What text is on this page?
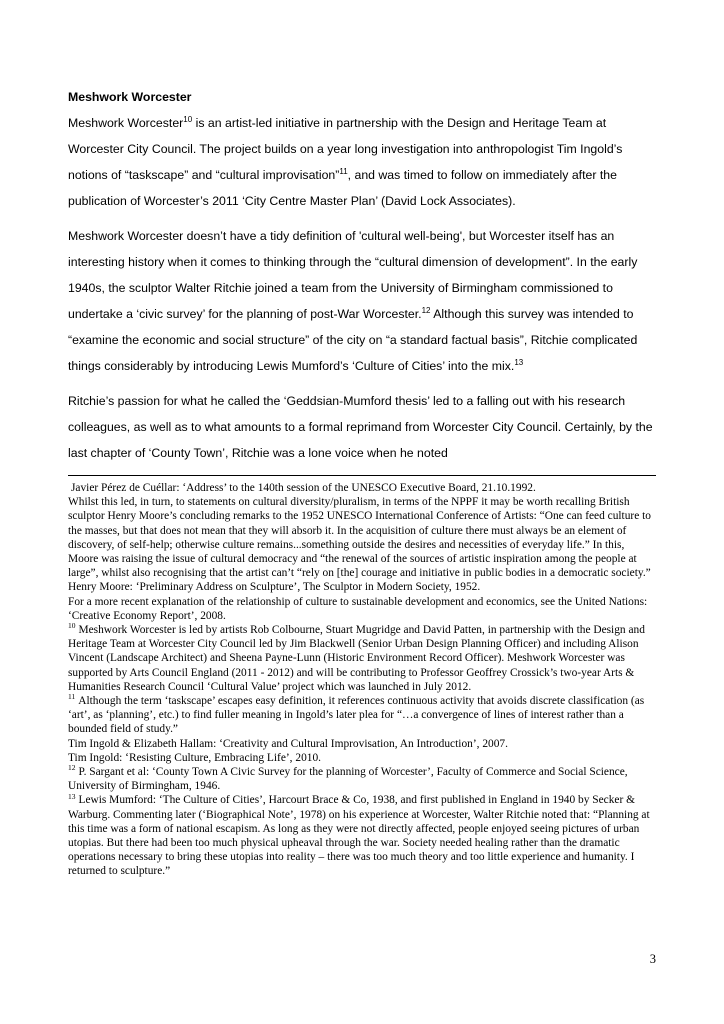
Meshwork Worcester

Meshwork Worcester$^{10}$ is an artist-led initiative in partnership with the Design and Heritage Team at Worcester City Council. The project builds on a year long investigation into anthropologist Tim Ingold’s notions of “taskscape” and “cultural improvisation”$^{11}$, and was timed to follow on immediately after the publication of Worcester’s 2011 ‘City Centre Master Plan’ (David Lock Associates).

Meshwork Worcester doesn’t have a tidy definition of 'cultural well-being', but Worcester itself has an interesting history when it comes to thinking through the “cultural dimension of development”. In the early 1940s, the sculptor Walter Ritchie joined a team from the University of Birmingham commissioned to undertake a ‘civic survey’ for the planning of post-War Worcester.$^{12}$ Although this survey was intended to “examine the economic and social structure” of the city on “a standard factual basis”, Ritchie complicated things considerably by introducing Lewis Mumford’s ‘Culture of Cities’ into the mix.$^{13}$

Ritchie’s passion for what he called the ‘Geddsian-Mumford thesis’ led to a falling out with his research colleagues, as well as to what amounts to a formal reprimand from Worcester City Council. Certainly, by the last chapter of ‘County Town’, Ritchie was a lone voice when he noted

Javier Pérez de Cuéllar: ‘Address’ to the 140th session of the UNESCO Executive Board, 21.10.1992.
Whilst this led, in turn, to statements on cultural diversity/pluralism, in terms of the NPPF it may be worth recalling British sculptor Henry Moore’s concluding remarks to the 1952 UNESCO International Conference of Artists: “One can feed culture to the masses, but that does not mean that they will absorb it. In the acquisition of culture there must always be an element of discovery, of self-help; otherwise culture remains...something outside the desires and necessities of everyday life.” In this, Moore was raising the issue of cultural democracy and “the renewal of the sources of artistic inspiration among the people at large”, whilst also recognising that the artist can’t “rely on [the] courage and initiative in public bodies in a democratic society.”
Henry Moore: ‘Preliminary Address on Sculpture’, The Sculptor in Modern Society, 1952.
For a more recent explanation of the relationship of culture to sustainable development and economics, see the United Nations: ‘Creative Economy Report’, 2008.
$^{10}$ Meshwork Worcester is led by artists Rob Colbourne, Stuart Mugridge and David Patten, in partnership with the Design and Heritage Team at Worcester City Council led by Jim Blackwell (Senior Urban Design Planning Officer) and including Alison Vincent (Landscape Architect) and Sheena Payne-Lunn (Historic Environment Record Officer). Meshwork Worcester was supported by Arts Council England (2011 - 2012) and will be contributing to Professor Geoffrey Crossick’s two-year Arts & Humanities Research Council ‘Cultural Value’ project which was launched in July 2012.
$^{11}$ Although the term ‘taskscape’ escapes easy definition, it references continuous activity that avoids discrete classification (as ‘art’, as ‘planning’, etc.) to find fuller meaning in Ingold’s later plea for “…a convergence of lines of interest rather than a bounded field of study.”
Tim Ingold & Elizabeth Hallam: ‘Creativity and Cultural Improvisation, An Introduction’, 2007.
Tim Ingold: ‘Resisting Culture, Embracing Life’, 2010.
$^{12}$ P. Sargant et al: ‘County Town A Civic Survey for the planning of Worcester’, Faculty of Commerce and Social Science, University of Birmingham, 1946.
$^{13}$ Lewis Mumford: ‘The Culture of Cities’, Harcourt Brace & Co, 1938, and first published in England in 1940 by Secker & Warburg. Commenting later (‘Biographical Note’, 1978) on his experience at Worcester, Walter Ritchie noted that: “Planning at this time was a form of national escapism. As long as they were not directly affected, people enjoyed seeing pictures of urban utopias. But there had been too much physical upheaval through the war. Society needed healing rather than the dramatic operations necessary to bring these utopias into reality – there was too much theory and too little experience and humanity. I returned to sculpture.”
3
